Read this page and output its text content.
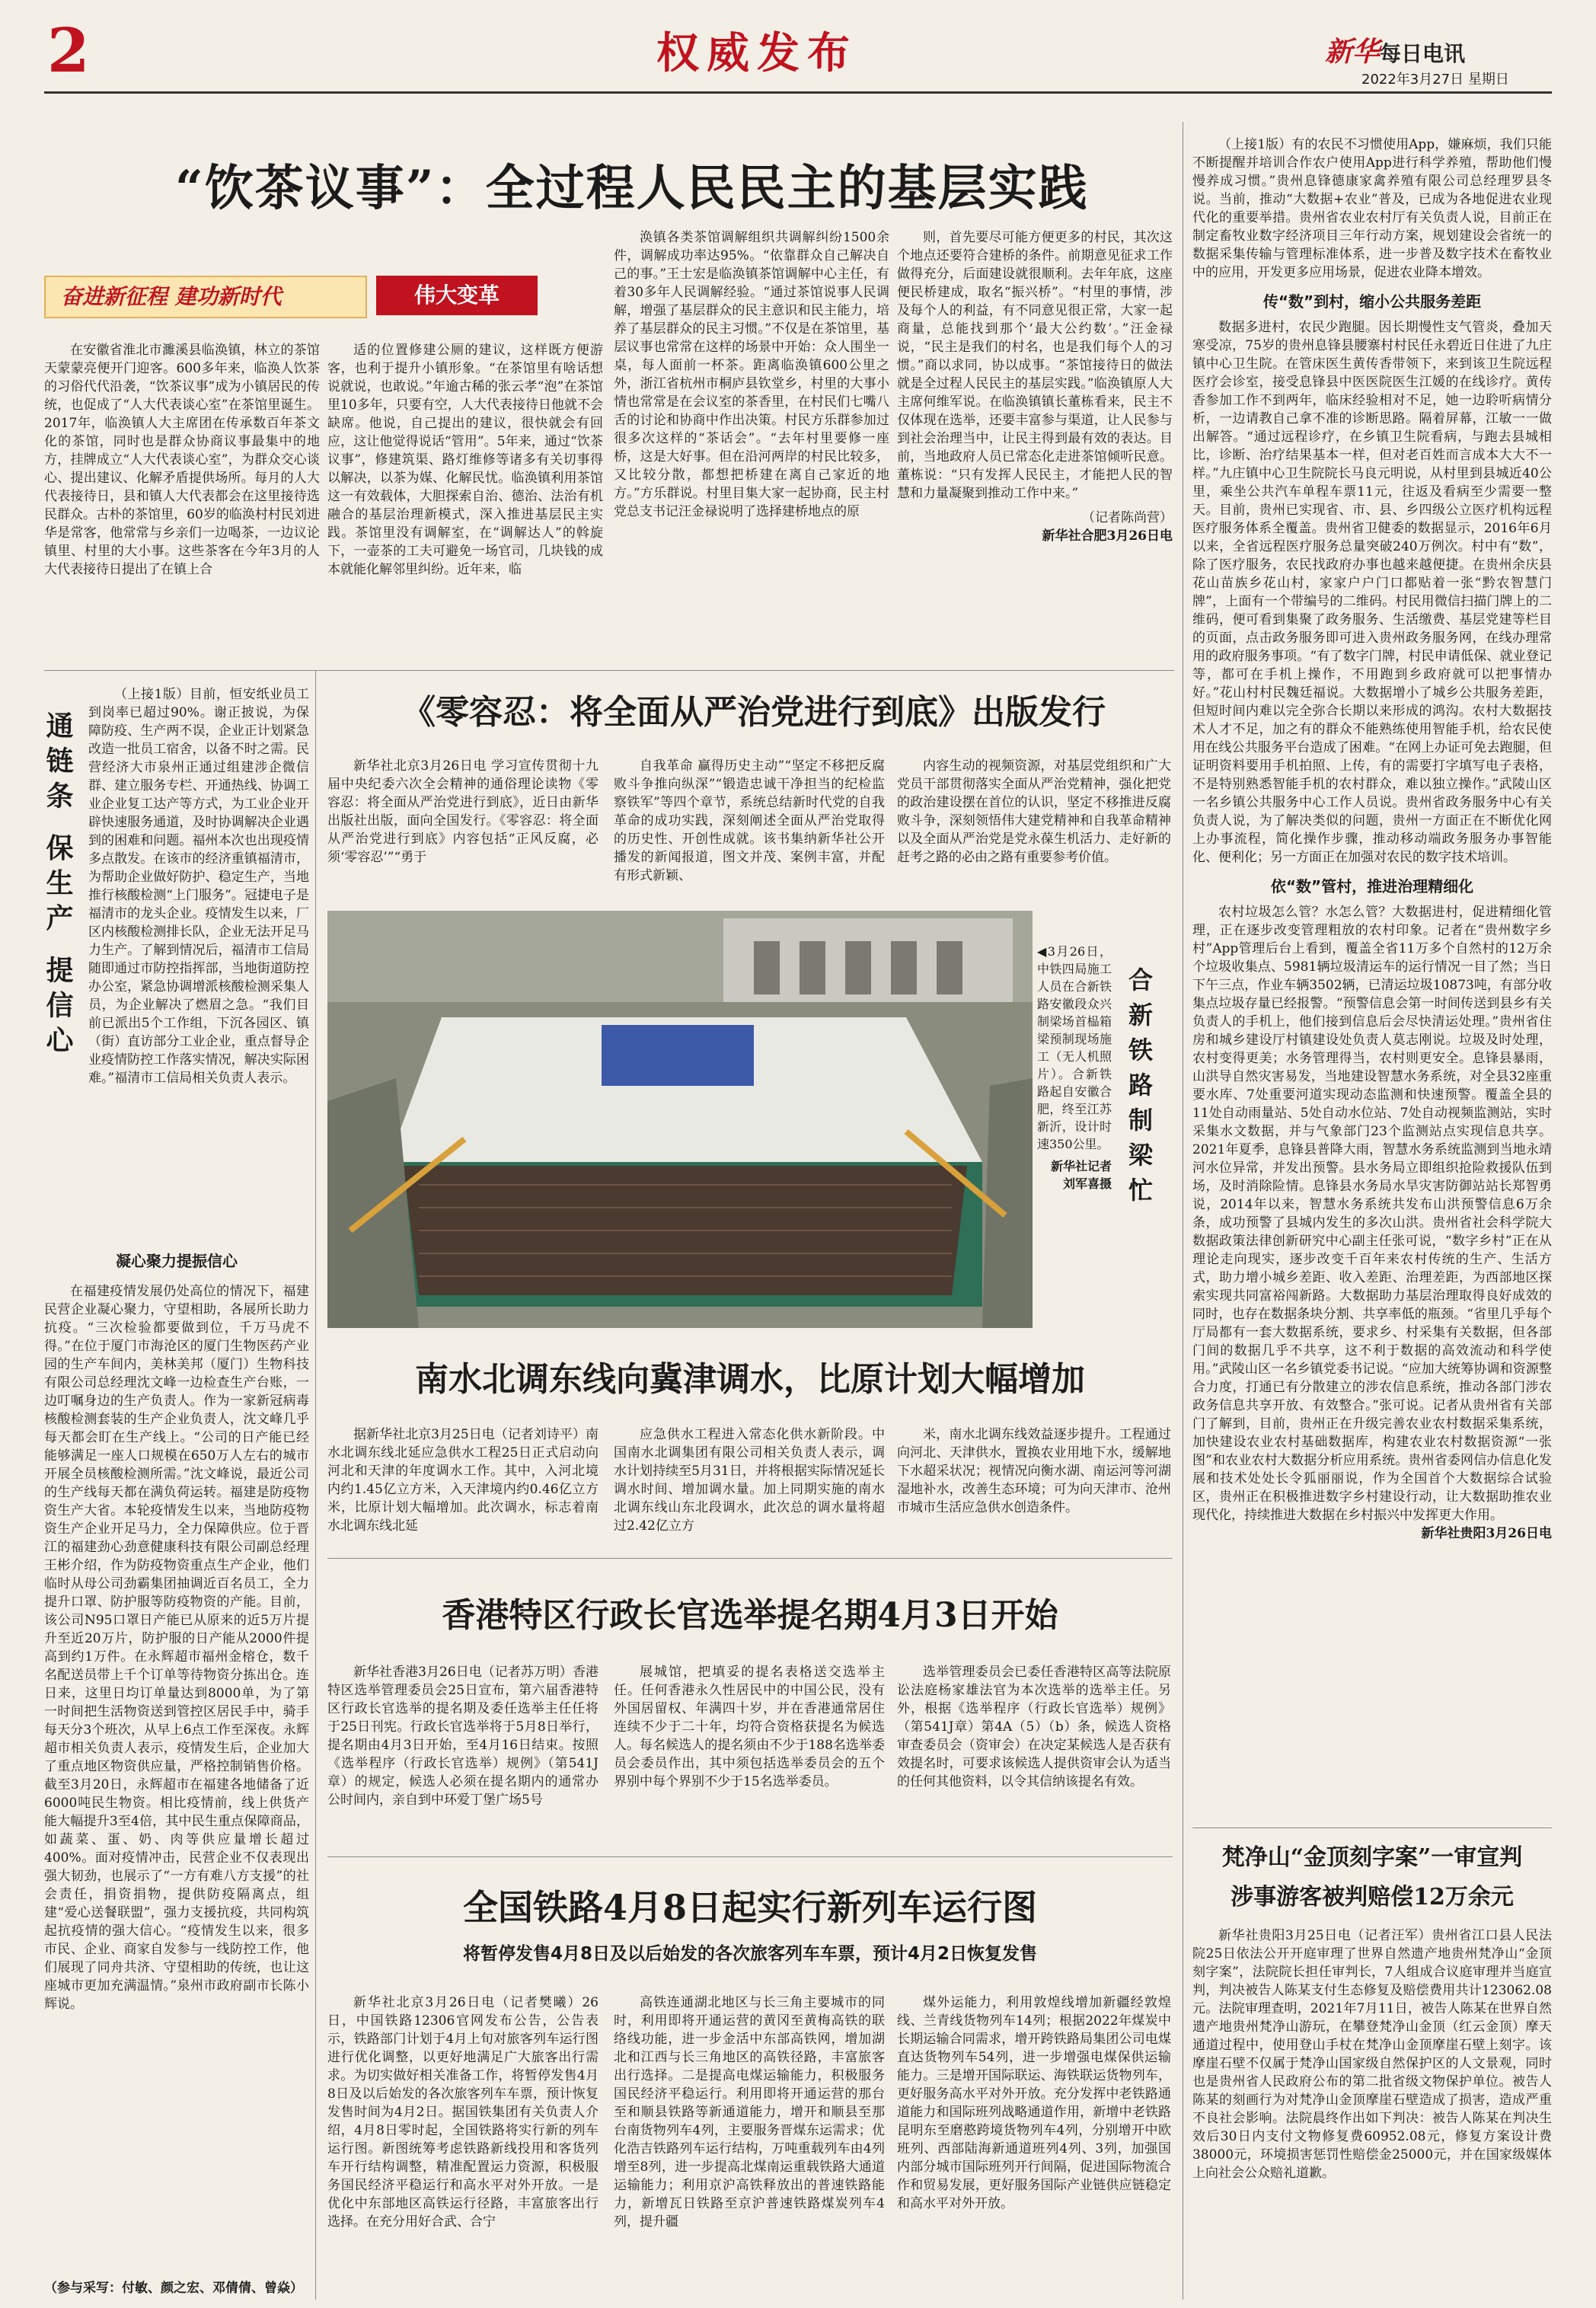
2	权威发布	新华每日电讯
2022年3月27日 星期日
“饮茶议事”：全过程人民民主的基层实践
奋进新征程 建功新时代	伟大变革

在安徽省淮北市濉溪县临涣镇，林立的茶馆天蒙蒙亮便开门迎客。600多年来，临涣人饮茶的习俗代代沿袭，“饮茶议事”成为小镇居民的传统，也促成了“人大代表谈心室”在茶馆里诞生。2017年，临涣镇人大主席团在传承数百年茶文化的茶馆，同时也是群众协商议事最集中的地方，挂牌成立“人大代表谈心室”，为群众交心谈心、提出建议、化解矛盾提供场所。每月的人大代表接待日，县和镇人大代表都会在这里接待选民群众。古朴的茶馆里，60岁的临涣村村民刘进华是常客，他常常与乡亲们一边喝茶，一边议论镇里、村里的大小事。这些茶客在今年3月的人大代表接待日提出了在镇上合

适的位置修建公厕的建议，这样既方便游客，也利于提升小镇形象。“在茶馆里有啥话想说就说，也敢说。”年逾古稀的张云孝“泡”在茶馆里10多年，只要有空，人大代表接待日他就不会缺席。他说，自己提出的建议，很快就会有回应，这让他觉得说话“管用”。5年来，通过“饮茶议事”，修建筑渠、路灯维修等诸多有关切事得以解决，以茶为媒、化解民忧。临涣镇利用茶馆这一有效载体，大胆探索自治、德治、法治有机融合的基层治理新模式，深入推进基层民主实践。茶馆里没有调解室，在“调解达人”的斡旋下，一壶茶的工夫可避免一场官司，几块钱的成本就能化解邻里纠纷。近年来，临

涣镇各类茶馆调解组织共调解纠纷1500余件，调解成功率达95%。“依靠群众自己解决自己的事。”王士宏是临涣镇茶馆调解中心主任，有着30多年人民调解经验。“通过茶馆说事人民调解，增强了基层群众的民主意识和民主能力，培养了基层群众的民主习惯。”不仅是在茶馆里，基层议事也常常在这样的场景中开始：众人围坐一桌，每人面前一杯茶。距离临涣镇600公里之外，浙江省杭州市桐庐县钦堂乡，村里的大事小情也常常是在会议室的茶香里，在村民们七嘴八舌的讨论和协商中作出决策。村民方乐群参加过很多次这样的“茶话会”。“去年村里要修一座桥，这是大好事。但在沿河两岸的村民比较多，又比较分散，都想把桥建在离自己家近的地方。”方乐群说。村里目集大家一起协商，民主村党总支书记汪金禄说明了选择建桥地点的原

则，首先要尽可能方便更多的村民，其次这个地点还要符合建桥的条件。前期意见征求工作做得充分，后面建设就很顺利。去年年底，这座便民桥建成，取名“振兴桥”。“村里的事情，涉及每个人的利益，有不同意见很正常，大家一起商量，总能找到那个‘最大公约数’。”汪金禄说，“民主是我们的村名，也是我们每个人的习惯。”商以求同，协以成事。“茶馆接待日的做法就是全过程人民民主的基层实践。”临涣镇原人大主席何维军说。在临涣镇镇长董栋看来，民主不仅体现在选举，还要丰富参与渠道，让人民参与到社会治理当中，让民主得到最有效的表达。目前，当地政府人员已常态化走进茶馆倾听民意。董栋说：“只有发挥人民民主，才能把人民的智慧和力量凝聚到推动工作中来。”

（记者陈尚营）
新华社合肥3月26日电

（上接1版）有的农民不习惯使用App，嫌麻烦，我们只能不断提醒并培训合作农户使用App进行科学养殖，帮助他们慢慢养成习惯。”贵州息锋德康家禽养殖有限公司总经理罗县冬说。当前，推动“大数据+农业”普及，已成为各地促进农业现代化的重要举措。贵州省农业农村厅有关负责人说，目前正在制定畜牧业数字经济项目三年行动方案，规划建设会省统一的数据采集传输与管理标准体系，进一步普及数字技术在畜牧业中的应用，开发更多应用场景，促进农业降本增效。

传“数”到村，缩小公共服务差距

数据多进村，农民少跑腿。因长期慢性支气管炎，叠加天寒受凉，75岁的贵州息锋县腰寨村村民任永碧近日住进了九庄镇中心卫生院。在管床医生黄传香带领下，来到该卫生院远程医疗会诊室，接受息锋县中医医院医生江媛的在线诊疗。黄传香参加工作不到两年，临床经验相对不足，她一边聆听病情分析，一边请教自己拿不准的诊断思路。隔着屏幕，江敏一一做出解答。“通过远程诊疗，在乡镇卫生院看病，与跑去县城相比，诊断、治疗结果基本一样，但对老百姓而言成本大大不一样。”九庄镇中心卫生院院长马良元明说，从村里到县城近40公里，乘坐公共汽车单程车票11元，往返及看病至少需要一整天。目前，贵州已实现省、市、县、乡四级公立医疗机构远程医疗服务体系全覆盖。贵州省卫健委的数据显示，2016年6月以来，全省远程医疗服务总量突破240万例次。村中有“数”，除了医疗服务，农民找政府办事也越来越便捷。在贵州余庆县花山苗族乡花山村，家家户户门口都贴着一张“黔农智慧门牌”，上面有一个带编号的二维码。村民用微信扫描门牌上的二维码，便可看到集聚了政务服务、生活缴费、基层党建等栏目的页面，点击政务服务即可进入贵州政务服务网，在线办理常用的政府服务事项。“有了数字门牌，村民申请低保、就业登记等，都可在手机上操作，不用跑到乡政府就可以把事情办好。”花山村村民魏廷福说。大数据增小了城乡公共服务差距，但短时间内难以完全弥合长期以来形成的鸿沟。农村大数据技术人才不足，加之有的群众不能熟练使用智能手机，给农民使用在线公共服务平台造成了困难。“在网上办证可免去跑腿，但证明资料要用手机拍照、上传，有的需要打字填写电子表格，不是特别熟悉智能手机的农村群众，难以独立操作。”武陵山区一名乡镇公共服务中心工作人员说。贵州省政务服务中心有关负责人说，为了解决类似的问题，贵州一方面正在不断优化网上办事流程，简化操作步骤，推动移动端政务服务办事智能化、便利化；另一方面正在加强对农民的数字技术培训。

依“数”管村，推进治理精细化

农村垃圾怎么管？水怎么管？大数据进村，促进精细化管理，正在逐步改变管理粗放的农村印象。记者在“贵州数字乡村”App管理后台上看到，覆盖全省11万多个自然村的12万余个垃圾收集点、5981辆垃圾清运车的运行情况一目了然；当日下午三点，作业车辆3502辆，已清运垃圾10873吨，有部分收集点垃圾存量已经报警。“预警信息会第一时间传送到县乡有关负责人的手机上，他们接到信息后会尽快清运处理。”贵州省住房和城乡建设厅村镇建设处负责人莫志刚说。垃圾及时处理，农村变得更美；水务管理得当，农村则更安全。息锋县暴雨，山洪导自然灾害易发，当地建设智慧水务系统，对全县32座重要水库、7处重要河道实现动态监测和快速预警。覆盖全县的11处自动雨量站、5处自动水位站、7处自动视频监测站，实时采集水文数据，并与气象部门23个监测站点实现信息共享。2021年夏季，息锋县普降大雨，智慧水务系统监测到当地永靖河水位异常，并发出预警。县水务局立即组织抢险救援队伍到场，及时消除险情。息锋县水务局水旱灾害防御站站长郑智勇说，2014年以来，智慧水务系统共发布山洪预警信息6万余条，成功预警了县城内发生的多次山洪。贵州省社会科学院大数据政策法律创新研究中心副主任张可说，“数字乡村”正在从理论走向现实，逐步改变千百年来农村传统的生产、生活方式，助力增小城乡差距、收入差距、治理差距，为西部地区探索实现共同富裕闯新路。大数据助力基层治理取得良好成效的同时，也存在数据条块分割、共享率低的瓶颈。“省里几乎每个厅局都有一套大数据系统，要求乡、村采集有关数据，但各部门间的数据几乎不共享，这不利于数据的高效流动和科学使用。”武陵山区一名乡镇党委书记说。“应加大统筹协调和资源整合力度，打通已有分散建立的涉农信息系统，推动各部门涉农政务信息共享开放、有效整合。”张可说。记者从贵州省有关部门了解到，目前，贵州正在升级完善农业农村数据采集系统，加快建设农业农村基础数据库，构建农业农村数据资源“一张图”和农业农村大数据分析应用系统。贵州省委网信办信息化发展和技术处处长令狐丽丽说，作为全国首个大数据综合试验区，贵州正在积极推进数字乡村建设行动，让大数据助推农业现代化，持续推进大数据在乡村振兴中发挥更大作用。

新华社贵阳3月26日电
梵净山“金顶刻字案”一审宣判
涉事游客被判赔偿12万余元

新华社贵阳3月25日电（记者汪军）贵州省江口县人民法院25日依法公开开庭审理了世界自然遗产地贵州梵净山“金顶刻字案”，法院院长担任审判长，7人组成合议庭审理并当庭宣判，判决被告人陈某支付生态修复及赔偿费用共计123062.08元。法院审理查明，2021年7月11日，被告人陈某在世界自然遗产地贵州梵净山游玩，在攀登梵净山金顶（红云金顶）摩天通道过程中，使用登山手杖在梵净山金顶摩崖石壁上刻字。该摩崖石壁不仅属于梵净山国家级自然保护区的人文景观，同时也是贵州省人民政府公布的第二批省级文物保护单位。被告人陈某的刻画行为对梵净山金顶摩崖石壁造成了损害，造成严重不良社会影响。法院晨终作出如下判决：被告人陈某在判决生效后30日内支付文物修复费60952.08元，修复方案设计费38000元，环境损害惩罚性赔偿金25000元，并在国家级媒体上向社会公众赔礼道歉。

通链条 保生产 提信心

（上接1版）目前，恒安纸业员工到岗率已超过90%。谢正披说，为保障防疫、生产两不误，企业正计划紧急改造一批员工宿舍，以备不时之需。民营经济大市泉州正通过组建涉企微信群、建立服务专栏、开通热线、协调工业企业复工达产等方式，为工业企业开辟快速服务通道，及时协调解决企业遇到的困难和问题。福州本次也出现疫情多点散发。在该市的经济重镇福清市，为帮助企业做好防护、稳定生产，当地推行核酸检测“上门服务”。冠捷电子是福清市的龙头企业。疫情发生以来，厂区内核酸检测排长队，企业无法开足马力生产。了解到情况后，福清市工信局随即通过市防控指挥部，当地街道防控办公室，紧急协调增派核酸检测采集人员，为企业解决了燃眉之急。“我们目前已派出5个工作组，下沉各园区、镇（街）直访部分工业企业，重点督导企业疫情防控工作落实情况，解决实际困难。”福清市工信局相关负责人表示。

凝心聚力提振信心

在福建疫情发展仍处高位的情况下，福建民营企业凝心聚力，守望相助，各展所长助力抗疫。“三次检验都要做到位，千万马虎不得。”在位于厦门市海沧区的厦门生物医药产业园的生产车间内，美林美邦（厦门）生物科技有限公司总经理沈文峰一边检查生产台账，一边叮嘱身边的生产负责人。作为一家新冠病毒核酸检测套装的生产企业负责人，沈文峰几乎每天都会盯在生产线上。“公司的日产能已经能够满足一座人口规模在650万人左右的城市开展全员核酸检测所需。”沈文峰说，最近公司的生产线每天都在满负荷运转。福建是防疫物资生产大省。本轮疫情发生以来，当地防疫物资生产企业开足马力，全力保障供应。位于晋江的福建劲心劲意健康科技有限公司副总经理王彬介绍，作为防疫物资重点生产企业，他们临时从母公司劲霸集团抽调近百名员工，全力提升口罩、防护服等防疫物资的产能。目前，该公司N95口罩日产能已从原来的近5万片提升至近20万片，防护服的日产能从2000件提高到约1万件。在永辉超市福州金榕仓，数千名配送员带上千个订单等待物资分拣出仓。连日来，这里日均订单量达到8000单，为了第一时间把生活物资送到管控区居民手中，骑手每天分3个班次，从早上6点工作至深夜。永辉超市相关负责人表示，疫情发生后，企业加大了重点地区物资供应量，严格控制销售价格。截至3月20日，永辉超市在福建各地储备了近6000吨民生物资。相比疫情前，线上供货产能大幅提升3至4倍，其中民生重点保障商品，如蔬菜、蛋、奶、肉等供应量增长超过400%。面对疫情冲击，民营企业不仅表现出强大韧劲，也展示了“一方有难八方支援”的社会责任，捐资捐物，提供防疫隔离点，组建“爱心送餐联盟”，强力支援抗疫，共同构筑起抗疫情的强大信心。“疫情发生以来，很多市民、企业、商家自发参与一线防控工作，他们展现了同舟共济、守望相助的传统，也让这座城市更加充满温情。”泉州市政府副市长陈小辉说。

（参与采写：付敏、颜之宏、邓倩倩、曾焱）
《零容忍：将全面从严治党进行到底》出版发行

新华社北京3月26日电 学习宣传贯彻十九届中央纪委六次全会精神的通俗理论读物《零容忍：将全面从严治党进行到底》，近日由新华出版社出版，面向全国发行。《零容忍：将全面从严治党进行到底》内容包括“正风反腐，必须‘零容忍’”“勇于

自我革命 赢得历史主动”“坚定不移把反腐败斗争推向纵深”“锻造忠诚干净担当的纪检监察铁军”等四个章节，系统总结新时代党的自我革命的成功实践，深刻阐述全面从严治党取得的历史性、开创性成就。该书集纳新华社公开播发的新闻报道，图文并茂、案例丰富，并配有形式新颖、

内容生动的视频资源，对基层党组织和广大党员干部贯彻落实全面从严治党精神，强化把党的政治建设摆在首位的认识，坚定不移推进反腐败斗争，深刻领悟伟大建党精神和自我革命精神以及全面从严治党是党永葆生机活力、走好新的赶考之路的必由之路有重要参考价值。

◀3月26日，中铁四局施工人员在合新铁路安徽段众兴制梁场首榀箱梁预制现场施工（无人机照片）。合新铁路起自安徽合肥，终至江苏新沂，设计时速350公里。
新华社记者
刘军喜摄 合新铁路制梁忙
南水北调东线向冀津调水，比原计划大幅增加

据新华社北京3月25日电（记者刘诗平）南水北调东线北延应急供水工程25日正式启动向河北和天津的年度调水工作。其中，入河北境内约1.45亿立方米，入天津境内约0.46亿立方米，比原计划大幅增加。此次调水，标志着南水北调东线北延

应急供水工程进入常态化供水新阶段。中国南水北调集团有限公司相关负责人表示，调水计划持续至5月31日，并将根据实际情况延长调水时间、增加调水量。加上同期实施的南水北调东线山东北段调水，此次总的调水量将超过2.42亿立方

米，南水北调东线效益逐步提升。工程通过向河北、天津供水，置换农业用地下水，缓解地下水超采状况；视情况向衡水湖、南运河等河湖湿地补水，改善生态环境；可为向天津市、沧州市城市生活应急供水创造条件。

香港特区行政长官选举提名期4月3日开始

新华社香港3月26日电（记者苏万明）香港特区选举管理委员会25日宣布，第六届香港特区行政长官选举的提名期及委任选举主任任将于25日刊宪。行政长官选举将于5月8日举行，提名期由4月3日开始，至4月16日结束。按照《选举程序（行政长官选举）规例》（第541J章）的规定，候选人必须在提名期内的通常办公时间内，亲自到中环爱丁堡广场5号

展城馆，把填妥的提名表格送交选举主任。任何香港永久性居民中的中国公民，没有外国居留权、年满四十岁，并在香港通常居住连续不少于二十年，均符合资格获提名为候选人。每名候选人的提名须由不少于188名选举委员会委员作出，其中须包括选举委员会的五个界别中每个界别不少于15名选举委员。

选举管理委员会已委任香港特区高等法院原讼法庭杨家雄法官为本次选举的选举主任。另外，根据《选举程序（行政长官选举）规例》（第541J章）第4A（5）（b）条，候选人资格审查委员会（资审会）在决定某候选人是否获有效提名时，可要求该候选人提供资审会认为适当的任何其他资料，以令其信纳该提名有效。

全国铁路4月8日起实行新列车运行图
将暂停发售4月8日及以后始发的各次旅客列车车票，预计4月2日恢复发售

新华社北京3月26日电（记者樊曦）26日，中国铁路12306官网发布公告，公告表示，铁路部门计划于4月上旬对旅客列车运行图进行优化调整，以更好地满足广大旅客出行需求。为切实做好相关准备工作，将暂停发售4月8日及以后始发的各次旅客列车车票，预计恢复发售时间为4月2日。据国铁集团有关负责人介绍，4月8日零时起，全国铁路将实行新的列车运行图。新图统筹考虑铁路新线投用和客货列车开行结构调整，精准配置运力资源，积极服务国民经济平稳运行和高水平对外开放。一是优化中东部地区高铁运行径路，丰富旅客出行选择。在充分用好合武、合宁

高铁连通湖北地区与长三角主要城市的同时，利用即将开通运营的黄冈至黄梅高铁的联络线功能，进一步金活中东部高铁网，增加湖北和江西与长三角地区的高铁径路，丰富旅客出行选择。二是提高电煤运输能力，积极服务国民经济平稳运行。利用即将开通运营的那台至和顺县铁路等新通道能力，增开和顺县至那台南货物列车4列，主要服务晋煤东运需求；优化浩吉铁路列车运行结构，万吨重载列车由4列增至8列，进一步提高北煤南运重载铁路大通道运输能力；利用京沪高铁释放出的普速铁路能力，新增瓦日铁路至京沪普速铁路煤炭列车4列，提升疆

煤外运能力，利用敦煌线增加新疆经敦煌线、兰青线货物列车14列；根据2022年煤炭中长期运输合同需求，增开跨铁路局集团公司电煤直达货物列车54列，进一步增强电煤保供运输能力。三是增开国际联运、海铁联运货物列车，更好服务高水平对外开放。充分发挥中老铁路通道能力和国际班列战略通道作用，新增中老铁路昆明东至磨憨跨境货物列车4列，分别增开中欧班列、西部陆海新通道班列4列、3列，加强国内部分城市国际班列开行间隔，促进国际物流合作和贸易发展，更好服务国际产业链供应链稳定和高水平对外开放。
